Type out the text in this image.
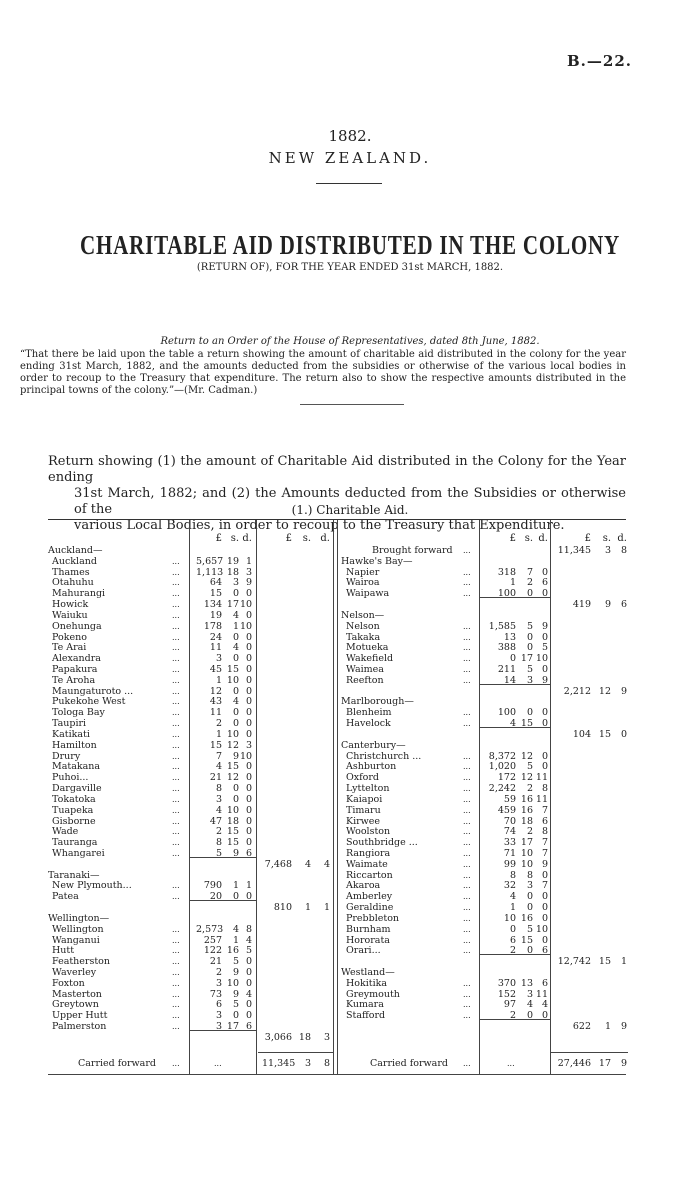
B.—22.
1882.
NEW ZEALAND.
CHARITABLE AID DISTRIBUTED IN THE COLONY
(RETURN OF), FOR THE YEAR ENDED 31st MARCH, 1882.
Return to an Order of the House of Representatives, dated 8th June, 1882.
“That there be laid upon the table a return showing the amount of charitable aid distributed in the colony for the year ending 31st March, 1882, and the amounts deducted from the subsidies or otherwise of the various local bodies in order to recoup to the Treasury that expenditure. The return also to show the respective amounts distributed in the principal towns of the colony.”—(Mr. Cadman.)
Return showing (1) the amount of Charitable Aid distributed in the Colony for the Year ending
31st March, 1882; and (2) the Amounts deducted from the Subsidies or otherwise of the
various Local Bodies, in order to recoup to the Treasury that Expenditure.
(1.) Charitable Aid.
£ s. d.	£	s. d.	£ s. d.	£	s. d.
Auckland—
Auckland	... 5,657 19 1
Thames	... 1,113 18 3
Otahuhu	...	64	3 9
Mahurangi	...	15	0 0
Howick	...	134 17 10
Waiuku	...	19	4 0
Onehunga	...	178	1 10
Pokeno	...	24	0 0
Te Arai	...	11	4 0
Alexandra	...	3	0 0
Papakura	...	45 15 0
Te Aroha	...	1 10 0
Maungaturoto ...	...	12	0 0
Pukekohe West	...	43	4 0
Tologa Bay	...	11	0 0
Taupiri	...	2	0 0
Katikati	...	1 10 0
Hamilton	...	15 12 3
Drury	...	7	9 10
Matakana	...	4 15 0
Puhoi...	...	21 12 0
Dargaville	...	8	0 0
Tokatoka	...	3	0 0
Tuapeka	...	4 10 0
Gisborne	...	47 18 0
Wade	...	2 15 0
Tauranga	...	8 15 0
Whangarei	...	5	9 6
7,468	4	4
Taranaki—
New Plymouth...	...	790	1 1
Patea	...	20	0 0
810	1	1
Wellington—
Wellington	... 2,573	4 8
Wanganui	...	257	1 4
Hutt	...	122 16 5
Featherston	...	21	5 0
Waverley	...	2	9 0
Foxton	...	3 10 0
Masterton	...	73	9 4
Greytown	...	6	5 0
Upper Hutt	...	3	0 0
Palmerston	...	3 17 6
3,066 18	3
Brought forward ...	11,345	3	8
Hawke's Bay—
Napier	...	318	7 0
Wairoa	...	1	2 6
Waipawa	...	100	0 0
419	9	6
Nelson—
Nelson	...	1,585	5 9
Takaka	...	13	0 0
Motueka	...	388	0 5
Wakefield	...	0 17 10
Waimea	...	211	5 0
Reefton	...	14	3 9
2,212 12	9
Marlborough—
Blenheim	...	100	0 0
Havelock	...	4 15 0
104 15	0
Canterbury—
Christchurch ...	...	8,372 12 0
Ashburton	...	1,020	5 0
Oxford	...	172 12 11
Lyttelton	...	2,242	2 8
Kaiapoi	...	59 16 11
Timaru	...	459 16 7
Kirwee	...	70 18 6
Woolston	...	74	2 8
Southbridge ...	...	33 17 7
Rangiora	...	71 10 7
Waimate	...	99 10 9
Riccarton	...	8	8 0
Akaroa	...	32	3 7
Amberley	...	4	0 0
Geraldine	...	1	0 0
Prebbleton	...	10 16 0
Burnham	...	0	5 10
Hororata	...	6 15 0
Orari...	...	2	0 6
12,742 15	1
Westland—
Hokitika	...	370 13 6
Greymouth	...	152	3 11
Kumara	...	97	4 4
Stafford	...	2	0 0
622	1	9
Carried forward ...	...	11,345	3	8	Carried forward ...	...	27,446 17	9
